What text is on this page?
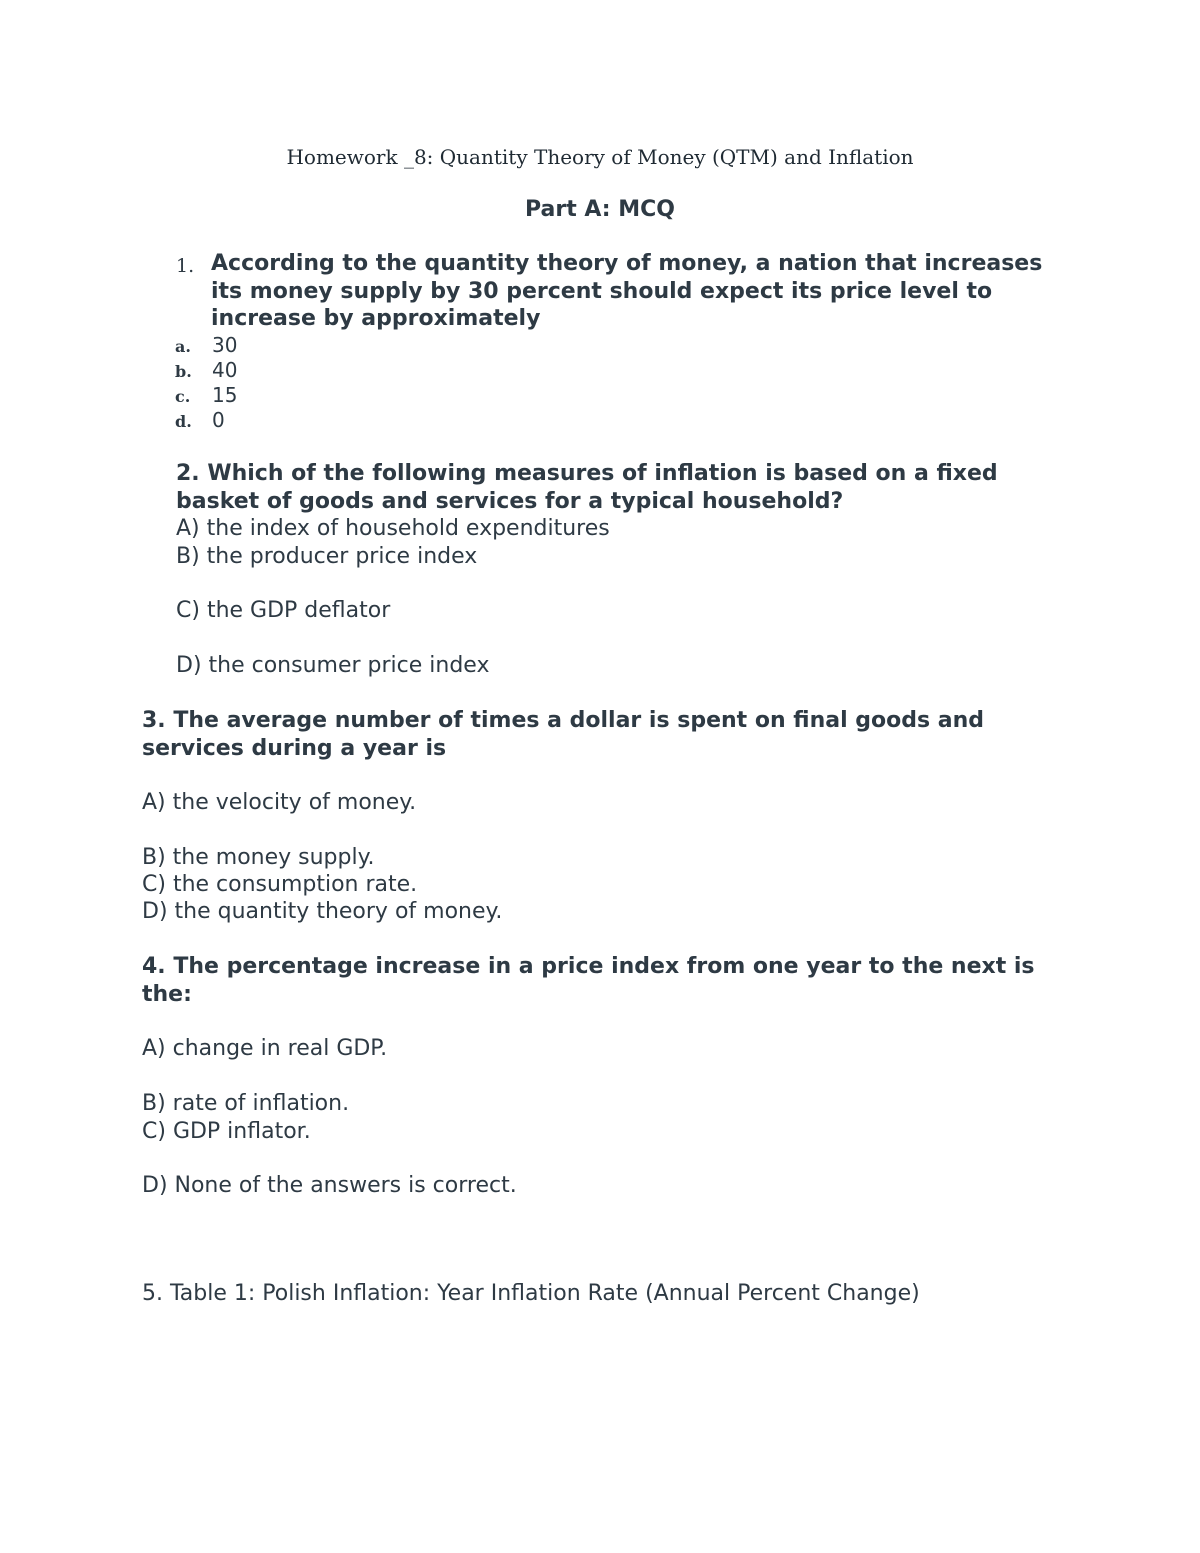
Homework _8: Quantity Theory of Money (QTM) and Inflation
Part A: MCQ
1. According to the quantity theory of money, a nation that increases its money supply by 30 percent should expect its price level to increase by approximately
a. 30
b. 40
c. 15
d. 0
2. Which of the following measures of inflation is based on a fixed basket of goods and services for a typical household?
A) the index of household expenditures
B) the producer price index
C) the GDP deflator
D) the consumer price index
3. The average number of times a dollar is spent on final goods and services during a year is
A) the velocity of money.
B) the money supply.
C) the consumption rate.
D) the quantity theory of money.
4. The percentage increase in a price index from one year to the next is the:
A) change in real GDP.
B) rate of inflation.
C) GDP inflator.
D) None of the answers is correct.
5. Table 1: Polish Inflation: Year Inflation Rate (Annual Percent Change)
